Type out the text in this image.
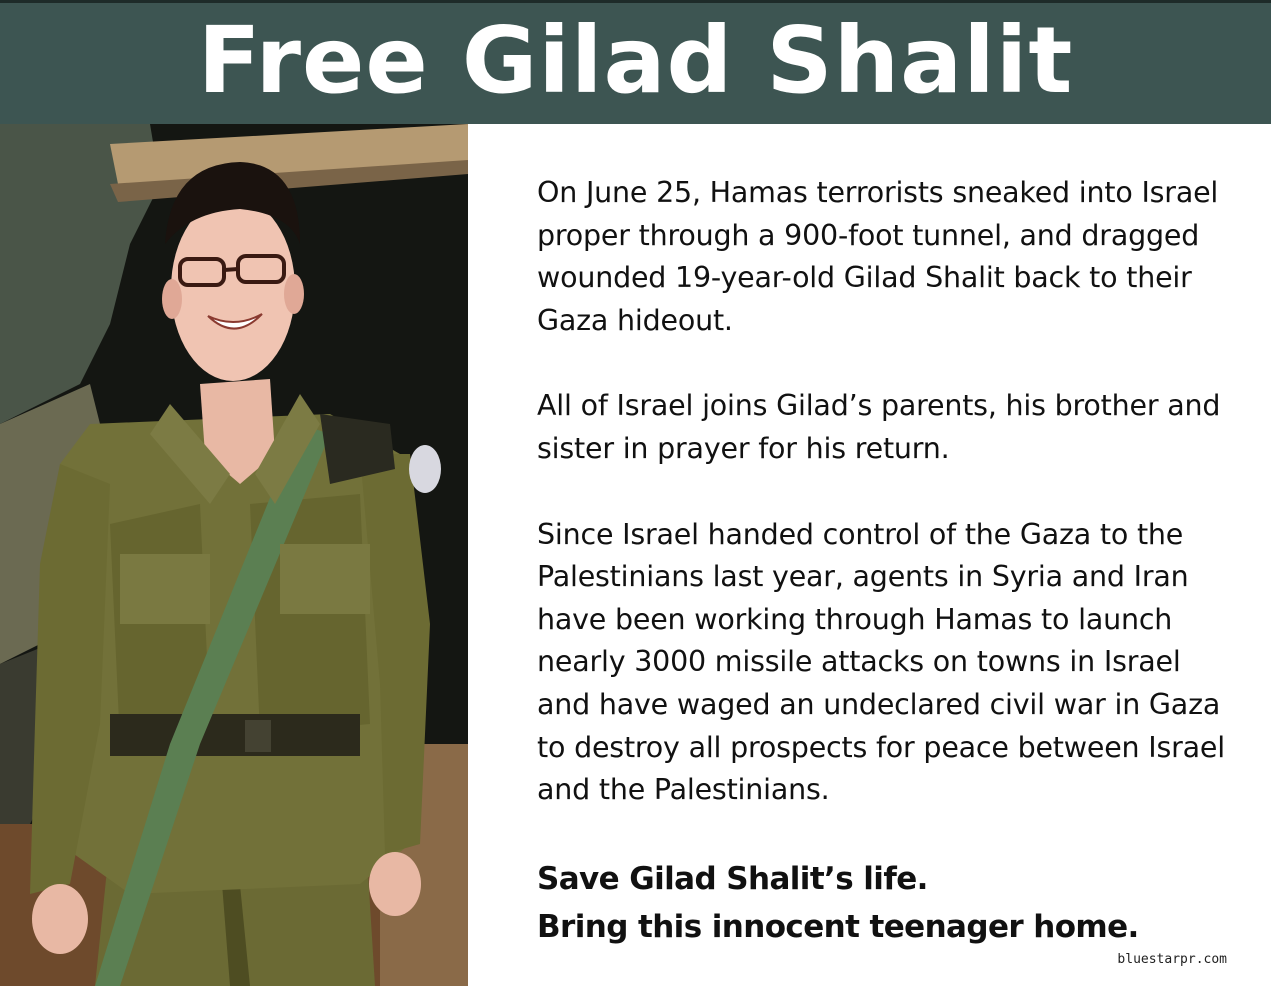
Free Gilad Shalit

On June 25, Hamas terrorists sneaked into Israel proper through a 900-foot tunnel, and dragged wounded 19-year-old Gilad Shalit back to their Gaza hideout.

All of Israel joins Gilad’s parents, his brother and sister in prayer for his return.

Since Israel handed control of the Gaza to the Palestinians last year, agents in Syria and Iran have been working through Hamas to launch nearly 3000 missile attacks on towns in Israel and have waged an undeclared civil war in Gaza to destroy all prospects for peace between Israel and the Palestinians.

Save Gilad Shalit’s life.
Bring this innocent teenager home.
bluestarpr.com
